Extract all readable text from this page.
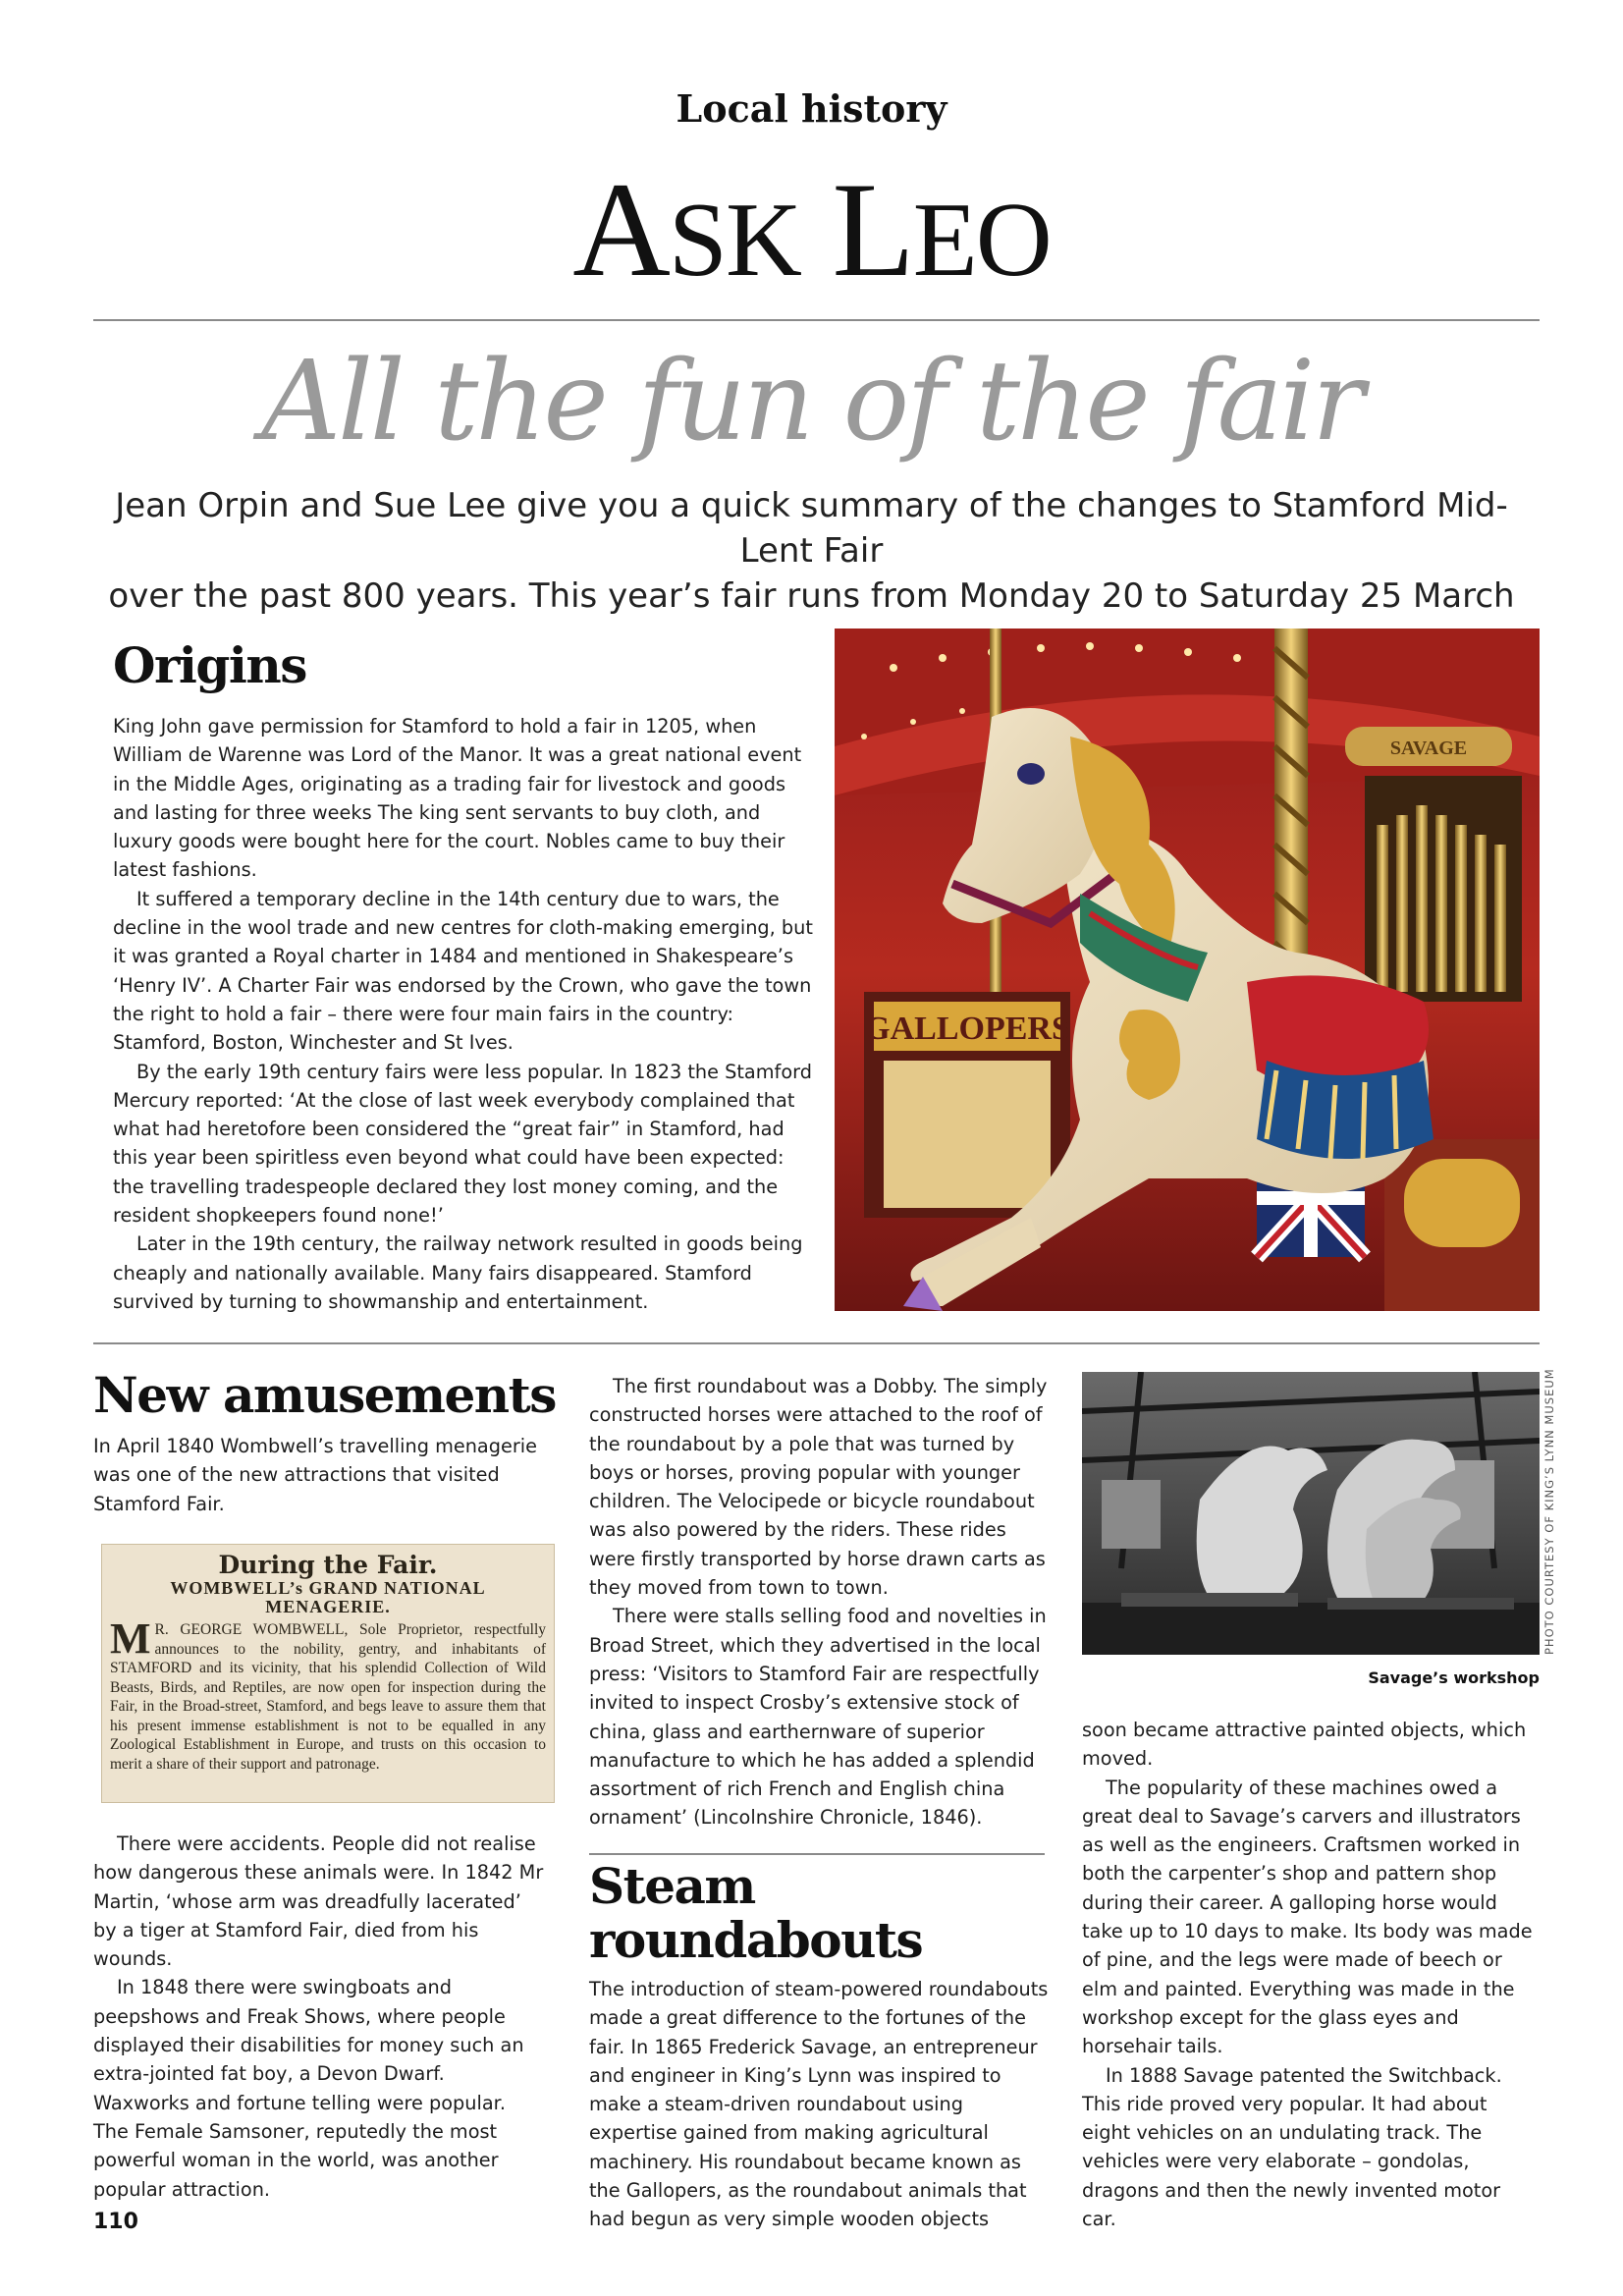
Local history
ASK LEO
All the fun of the fair
Jean Orpin and Sue Lee give you a quick summary of the changes to Stamford Mid-Lent Fair
over the past 800 years. This year’s fair runs from Monday 20 to Saturday 25 March
Origins

King John gave permission for Stamford to hold a fair in 1205, when William de Warenne was Lord of the Manor. It was a great national event in the Middle Ages, originating as a trading fair for livestock and goods and lasting for three weeks The king sent servants to buy cloth, and luxury goods were bought here for the court. Nobles came to buy their latest fashions.

It suffered a temporary decline in the 14th century due to wars, the decline in the wool trade and new centres for cloth-making emerging, but it was granted a Royal charter in 1484 and mentioned in Shakespeare’s ‘Henry IV’. A Charter Fair was endorsed by the Crown, who gave the town the right to hold a fair – there were four main fairs in the country: Stamford, Boston, Winchester and St Ives.

By the early 19th century fairs were less popular. In 1823 the Stamford Mercury reported: ‘At the close of last week everybody complained that what had heretofore been considered the “great fair” in Stamford, had this year been spiritless even beyond what could have been expected: the travelling tradespeople declared they lost money coming, and the resident shopkeepers found none!’

Later in the 19th century, the railway network resulted in goods being cheaply and nationally available. Many fairs disappeared. Stamford survived by turning to showmanship and entertainment.

SAVAGE
GALLOPERS
New amusements

In April 1840 Wombwell’s travelling menagerie was one of the new attractions that visited Stamford Fair.

During the Fair.
WOMBWELL’s GRAND NATIONAL
MENAGERIE.
M R. GEORGE WOMBWELL, Sole Proprietor, respectfully announces to the nobility, gentry, and inhabitants of STAMFORD and its vicinity, that his splendid Collection of Wild Beasts, Birds, and Reptiles, are now open for inspection during the Fair, in the Broad-street, Stamford, and begs leave to assure them that his present immense establishment is not to be equalled in any Zoological Establishment in Europe, and trusts on this occasion to merit a share of their support and patronage.

There were accidents. People did not realise how dangerous these animals were. In 1842 Mr Martin, ‘whose arm was dreadfully lacerated’ by a tiger at Stamford Fair, died from his wounds.

In 1848 there were swingboats and peepshows and Freak Shows, where people displayed their disabilities for money such an extra-jointed fat boy, a Devon Dwarf. Waxworks and fortune telling were popular. The Female Samsoner, reputedly the most powerful woman in the world, was another popular attraction.

The first roundabout was a Dobby. The simply constructed horses were attached to the roof of the roundabout by a pole that was turned by boys or horses, proving popular with younger children. The Velocipede or bicycle roundabout was also powered by the riders. These rides were firstly transported by horse drawn carts as they moved from town to town.

There were stalls selling food and novelties in Broad Street, which they advertised in the local press: ‘Visitors to Stamford Fair are respectfully invited to inspect Crosby’s extensive stock of china, glass and earthernware of superior manufacture to which he has added a splendid assortment of rich French and English china ornament’ (Lincolnshire Chronicle, 1846).

Steam roundabouts

The introduction of steam-powered roundabouts made a great difference to the fortunes of the fair. In 1865 Frederick Savage, an entrepreneur and engineer in King’s Lynn was inspired to make a steam-driven roundabout using expertise gained from making agricultural machinery. His roundabout became known as the Gallopers, as the roundabout animals that had begun as very simple wooden objects

PHOTO COURTESY OF KING’S LYNN MUSEUM
Savage’s workshop

soon became attractive painted objects, which moved.

The popularity of these machines owed a great deal to Savage’s carvers and illustrators as well as the engineers. Craftsmen worked in both the carpenter’s shop and pattern shop during their career. A galloping horse would take up to 10 days to make. Its body was made of pine, and the legs were made of beech or elm and painted. Everything was made in the workshop except for the glass eyes and horsehair tails.

In 1888 Savage patented the Switchback. This ride proved very popular. It had about eight vehicles on an undulating track. The vehicles were very elaborate – gondolas, dragons and then the newly invented motor car.

110
